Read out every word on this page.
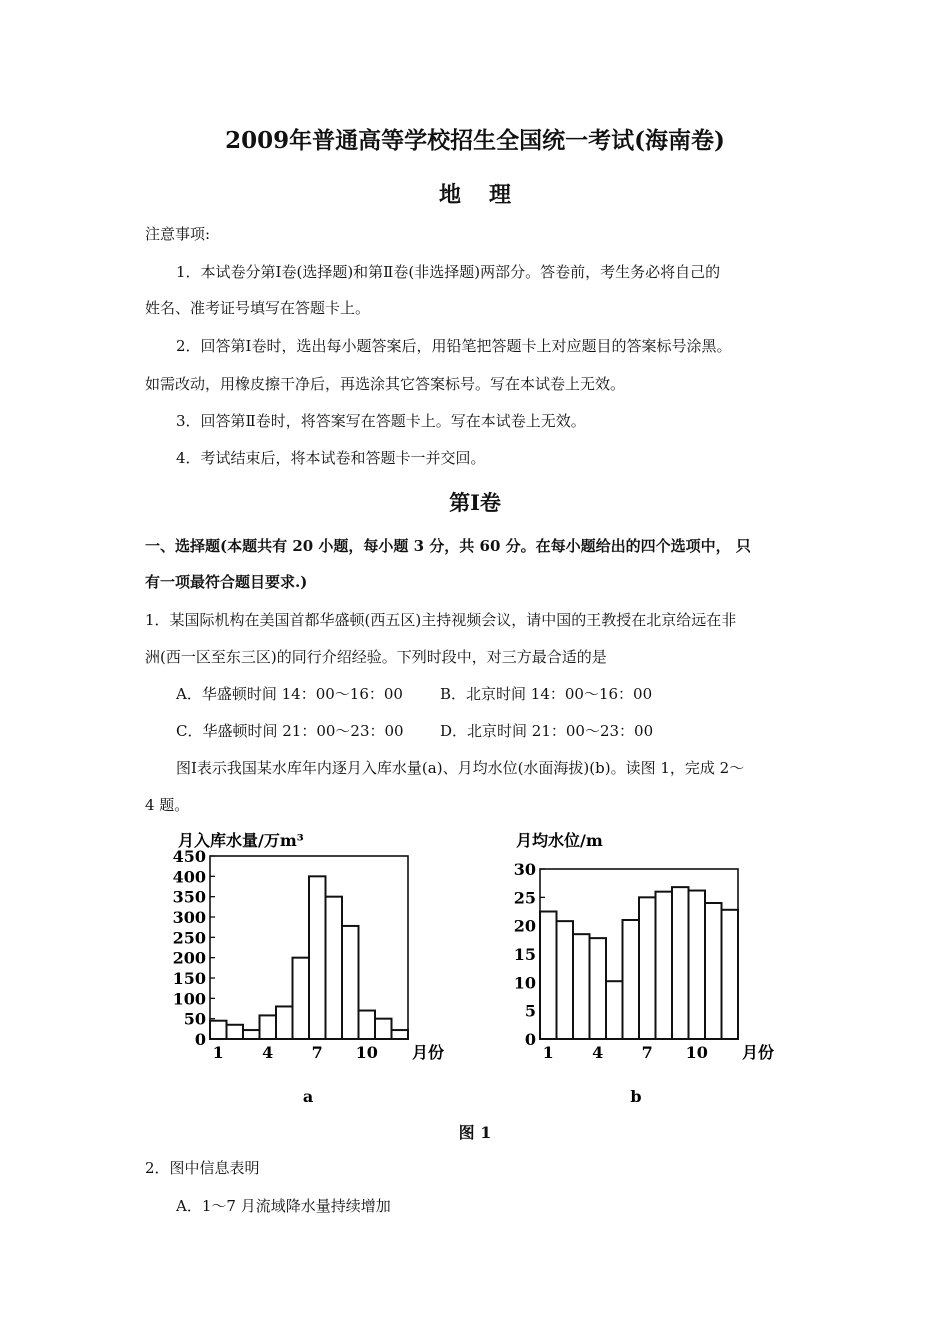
2009年普通高等学校招生全国统一考试(海南卷)
地理
注意事项:
1．本试卷分第Ⅰ卷(选择题)和第Ⅱ卷(非选择题)两部分。答卷前，考生务必将自己的
姓名、准考证号填写在答题卡上。
2．回答第Ⅰ卷时，选出每小题答案后，用铅笔把答题卡上对应题目的答案标号涂黑。
如需改动，用橡皮擦干净后，再选涂其它答案标号。写在本试卷上无效。
3．回答第Ⅱ卷时，将答案写在答题卡上。写在本试卷上无效。
4．考试结束后，将本试卷和答题卡一并交回。
第Ⅰ卷
一、选择题(本题共有 20 小题，每小题 3 分，共 60 分。在每小题给出的四个选项中， 只
有一项最符合题目要求.)
1．某国际机构在美国首都华盛顿(西五区)主持视频会议，请中国的王教授在北京给远在非
洲(西一区至东三区)的同行介绍经验。下列时段中，对三方最合适的是
A．华盛顿时间 14：00～16：00 B．北京时间 14：00～16：00
C．华盛顿时间 21：00～23：00 D．北京时间 21：00～23：00
图Ⅰ表示我国某水库年内逐月入库水量(a)、月均水位(水面海拔)(b)。读图 1，完成 2～
4 题。
月入库水量/万m³
0
50
100
150
200
250
300
350
400
450
1 4 7 10 月份
a
月均水位/m
0
5
10
15
20
25
30
1 4 7 10 月份
b
图 1
2．图中信息表明
A．1～7 月流域降水量持续增加
